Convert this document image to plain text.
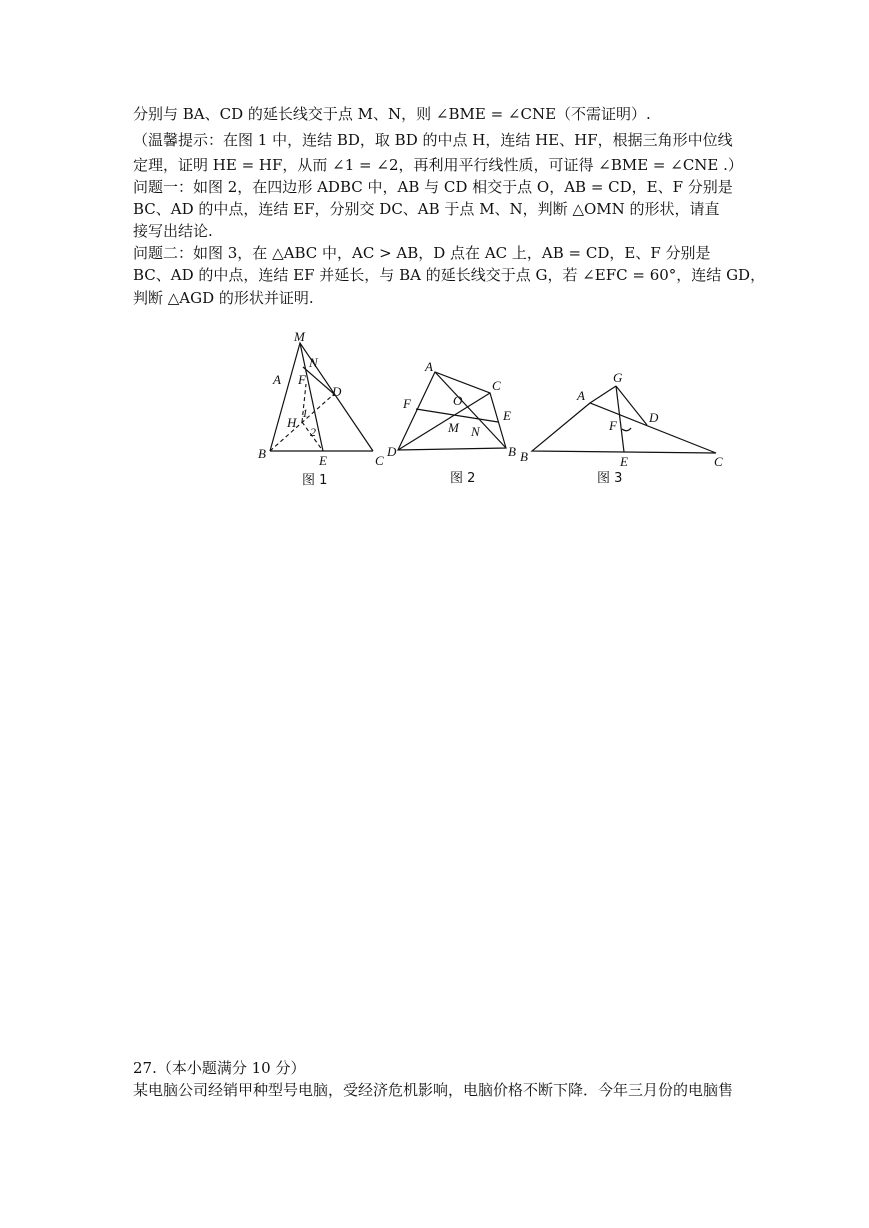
分别与 BA、CD 的延长线交于点 M、N，则 ∠BME = ∠CNE（不需证明）.
（温馨提示：在图 1 中，连结 BD，取 BD 的中点 H，连结 HE、HF，根据三角形中位线
定理，证明 HE = HF，从而 ∠1 = ∠2，再利用平行线性质，可证得 ∠BME = ∠CNE .）
问题一：如图 2，在四边形 ADBC 中，AB 与 CD 相交于点 O，AB = CD，E、F 分别是
BC、AD 的中点，连结 EF，分别交 DC、AB 于点 M、N，判断 △OMN 的形状，请直
接写出结论.
问题二：如图 3，在 △ABC 中，AC > AB，D 点在 AC 上，AB = CD，E、F 分别是
BC、AD 的中点，连结 EF 并延长，与 BA 的延长线交于点 G，若 ∠EFC = 60°，连结 GD，
判断 △AGD 的形状并证明.
M
N
A F
D
H
1
2
B	E	C
图 1
A
C
F	O
E
M N
D	B
图 2
G
A
D
F
B	E	C
图 3
27.（本小题满分 10 分）
某电脑公司经销甲种型号电脑，受经济危机影响，电脑价格不断下降．今年三月份的电脑售
